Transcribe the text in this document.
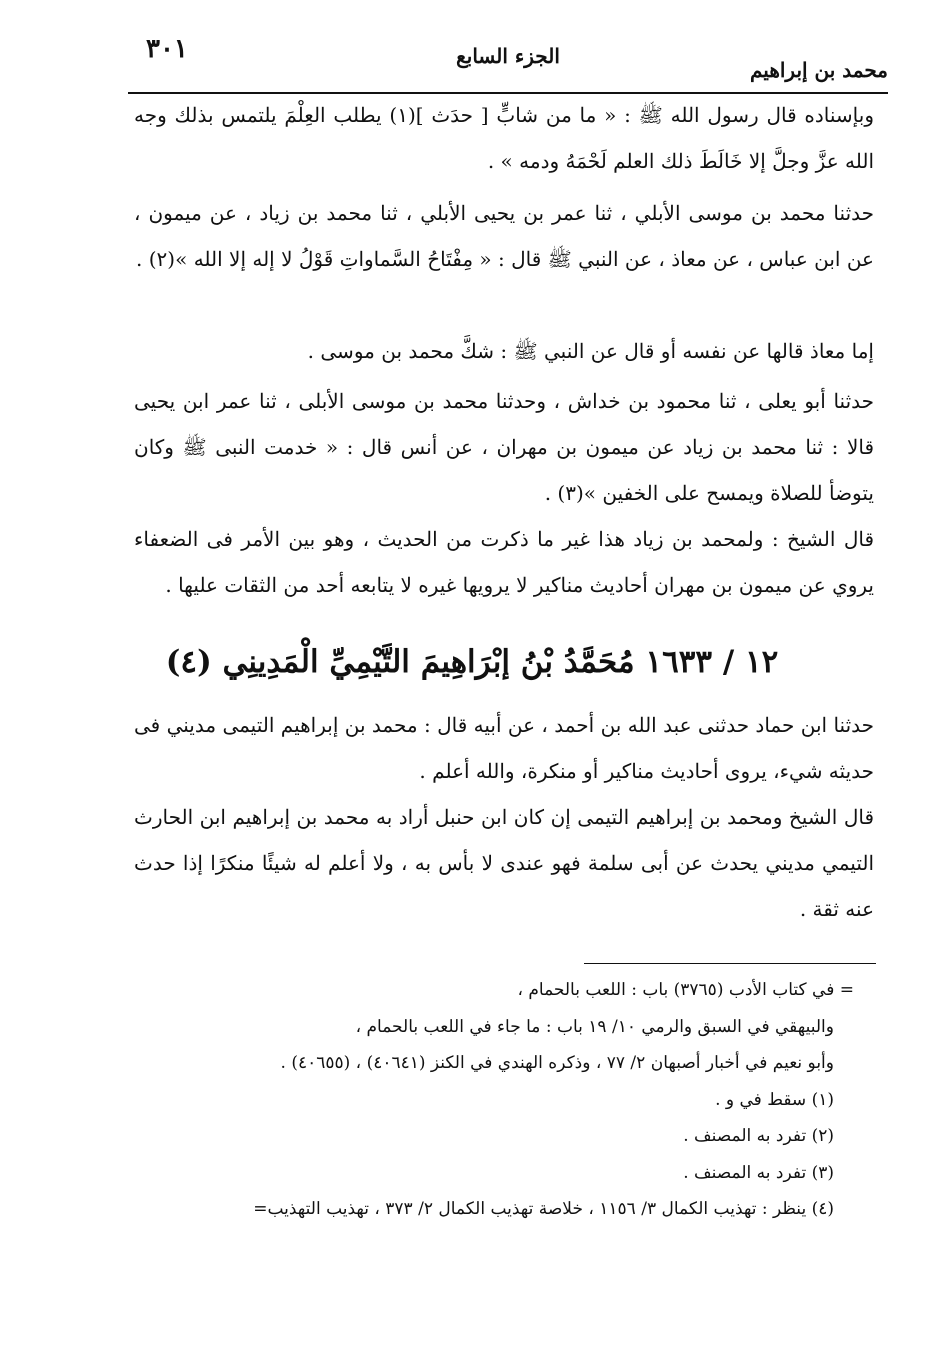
محمد بن إبراهيم
الجزء السابع
٣٠١

وبإسناده قال رسول الله ﷺ : « ما من شابٍّ [ حدَث ](١) يطلب العِلْمَ يلتمس بذلك وجه الله عزَّ وجلَّ إلا خَالَطَ ذلك العلم لَحْمَهُ ودمه » .

حدثنا محمد بن موسى الأبلي ، ثنا عمر بن يحيى الأبلي ، ثنا محمد بن زياد ، عن ميمون ، عن ابن عباس ، عن معاذ ، عن النبي ﷺ قال : « مِفْتَاحُ السَّماواتِ قَوْلُ لا إله إلا الله »(٢) .

إما معاذ قالها عن نفسه أو قال عن النبي ﷺ : شكَّ محمد بن موسى .

حدثنا أبو يعلى ، ثنا محمود بن خداش ، وحدثنا محمد بن موسى الأبلى ، ثنا عمر ابن يحيى قالا : ثنا محمد بن زياد عن ميمون بن مهران ، عن أنس قال : « خدمت النبى ﷺ وكان يتوضأ للصلاة ويمسح على الخفين »(٣) .

قال الشيخ : ولمحمد بن زياد هذا غير ما ذكرت من الحديث ، وهو بين الأمر فى الضعفاء يروي عن ميمون بن مهران أحاديث مناكير لا يرويها غيره لا يتابعه أحد من الثقات عليها .

١٢ / ١٦٣٣ مُحَمَّدُ بْنُ إبْرَاهِيمَ التَّيْمِيِّ الْمَدِينِي (٤)

حدثنا ابن حماد حدثنى عبد الله بن أحمد ، عن أبيه قال : محمد بن إبراهيم التيمى مديني فى حديثه شيء، يروى أحاديث مناكير أو منكرة، والله أعلم .

قال الشيخ ومحمد بن إبراهيم التيمى إن كان ابن حنبل أراد به محمد بن إبراهيم ابن الحارث التيمي مديني يحدث عن أبى سلمة فهو عندى لا بأس به ، ولا أعلم له شيئًا منكرًا إذا حدث عنه ثقة .

= في كتاب الأدب (٣٧٦٥) باب : اللعب بالحمام ،
والبيهقي في السبق والرمي ١٠/ ١٩ باب : ما جاء في اللعب بالحمام ،
وأبو نعيم في أخبار أصبهان ٢/ ٧٧ ، وذكره الهندي في الكنز (٤٠٦٤١) ، (٤٠٦٥٥) .
(١) سقط في و .
(٢) تفرد به المصنف .
(٣) تفرد به المصنف .
(٤) ينظر : تهذيب الكمال ٣/ ١١٥٦ ، خلاصة تهذيب الكمال ٢/ ٣٧٣ ، تهذيب التهذيب=
